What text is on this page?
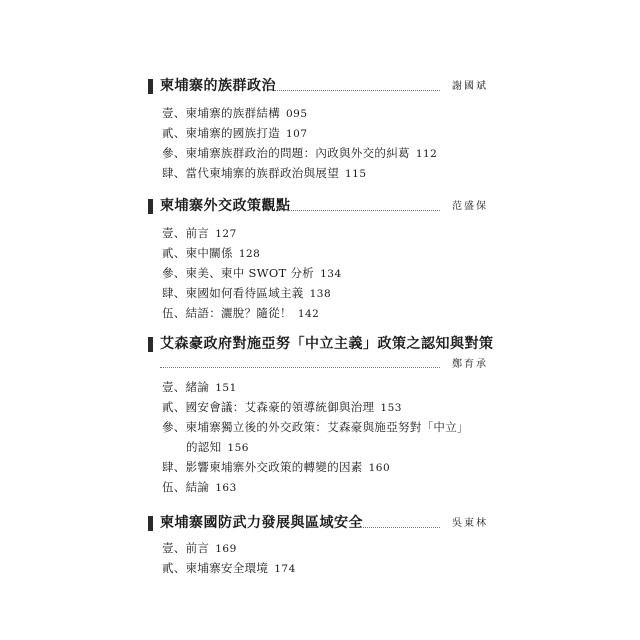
柬埔寨的族群政治	謝國斌
壹、柬埔寨的族群結構 095
貳、柬埔寨的國族打造 107
參、柬埔寨族群政治的問題：內政與外交的糾葛 112
肆、當代柬埔寨的族群政治與展望 115
柬埔寨外交政策觀點	范盛保
壹、前言 127
貳、柬中關係 128
參、柬美、柬中 SWOT 分析 134
肆、柬國如何看待區域主義 138
伍、結語：灑脫？隨從！ 142
艾森豪政府對施亞努「中立主義」政策之認知與對策
鄭育承
壹、緒論 151
貳、國安會議：艾森豪的領導統御與治理 153
參、柬埔寨獨立後的外交政策：艾森豪與施亞努對「中立」
的認知 156
肆、影響柬埔寨外交政策的轉變的因素 160
伍、結論 163
柬埔寨國防武力發展與區域安全	吳東林
壹、前言 169
貳、柬埔寨安全環境 174
